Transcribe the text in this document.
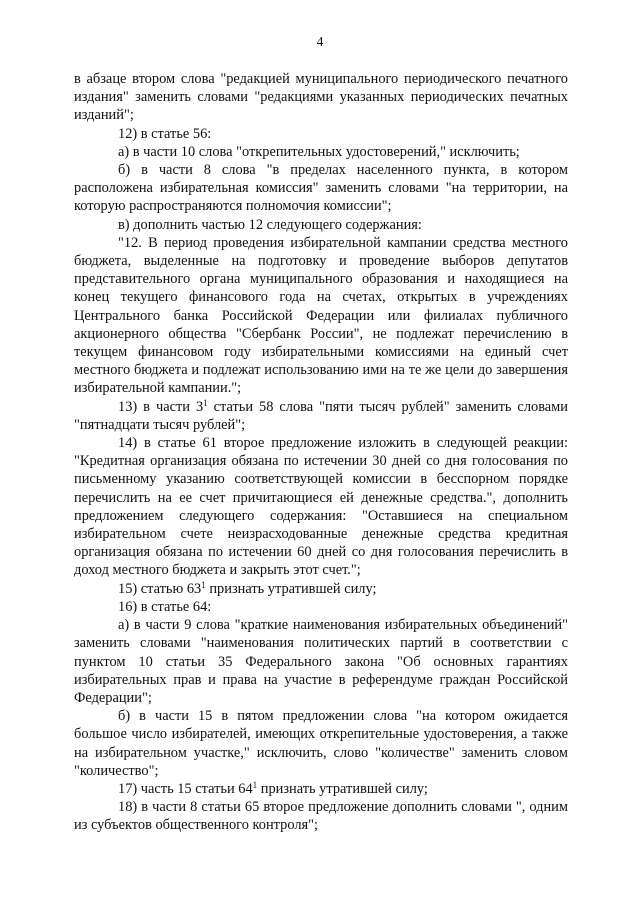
4

в абзаце втором слова "редакцией муниципального периодического печатного издания" заменить словами "редакциями указанных периодических печатных изданий";

12) в статье 56:

а) в части 10 слова "открепительных удостоверений," исключить;

б) в части 8 слова "в пределах населенного пункта, в котором расположена избирательная комиссия" заменить словами "на территории, на которую распространяются полномочия комиссии";

в) дополнить частью 12 следующего содержания:

"12. В период проведения избирательной кампании средства местного бюджета, выделенные на подготовку и проведение выборов депутатов представительного органа муниципального образования и находящиеся на конец текущего финансового года на счетах, открытых в учреждениях Центрального банка Российской Федерации или филиалах публичного акционерного общества "Сбербанк России", не подлежат перечислению в текущем финансовом году избирательными комиссиями на единый счет местного бюджета и подлежат использованию ими на те же цели до завершения избирательной кампании.";

13) в части $3^1$ статьи 58 слова "пяти тысяч рублей" заменить словами "пятнадцати тысяч рублей";

14) в статье 61 второе предложение изложить в следующей реакции: "Кредитная организация обязана по истечении 30 дней со дня голосования по письменному указанию соответствующей комиссии в бесспорном порядке перечислить на ее счет причитающиеся ей денежные средства.", дополнить предложением следующего содержания: "Оставшиеся на специальном избирательном счете неизрасходованные денежные средства кредитная организация обязана по истечении 60 дней со дня голосования перечислить в доход местного бюджета и закрыть этот счет.";

15) статью $63^1$ признать утратившей силу;

16) в статье 64:

а) в части 9 слова "краткие наименования избирательных объединений" заменить словами "наименования политических партий в соответствии с пунктом 10 статьи 35 Федерального закона "Об основных гарантиях избирательных прав и права на участие в референдуме граждан Российской Федерации";

б) в части 15 в пятом предложении слова "на котором ожидается большое число избирателей, имеющих открепительные удостоверения, а также на избирательном участке," исключить, слово "количестве" заменить словом "количество";

17) часть 15 статьи $64^1$ признать утратившей силу;

18) в части 8 статьи 65 второе предложение дополнить словами ", одним из субъектов общественного контроля";
